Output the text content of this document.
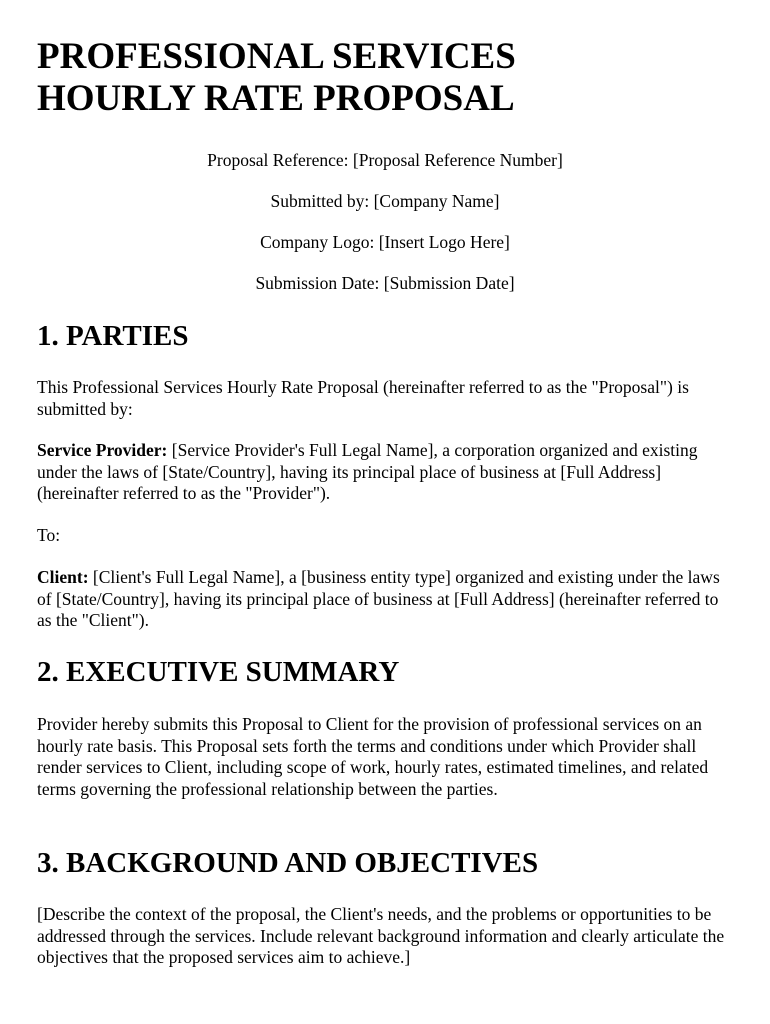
PROFESSIONAL SERVICES
HOURLY RATE PROPOSAL

Proposal Reference: [Proposal Reference Number]

Submitted by: [Company Name]

Company Logo: [Insert Logo Here]

Submission Date: [Submission Date]

1. PARTIES

This Professional Services Hourly Rate Proposal (hereinafter referred to as the "Proposal") is submitted by:

Service Provider: [Service Provider's Full Legal Name], a corporation organized and existing under the laws of [State/Country], having its principal place of business at [Full Address] (hereinafter referred to as the "Provider").

To:

Client: [Client's Full Legal Name], a [business entity type] organized and existing under the laws of [State/Country], having its principal place of business at [Full Address] (hereinafter referred to as the "Client").

2. EXECUTIVE SUMMARY

Provider hereby submits this Proposal to Client for the provision of professional services on an hourly rate basis. This Proposal sets forth the terms and conditions under which Provider shall render services to Client, including scope of work, hourly rates, estimated timelines, and related terms governing the professional relationship between the parties.

3. BACKGROUND AND OBJECTIVES

[Describe the context of the proposal, the Client's needs, and the problems or opportunities to be addressed through the services. Include relevant background information and clearly articulate the objectives that the proposed services aim to achieve.]
